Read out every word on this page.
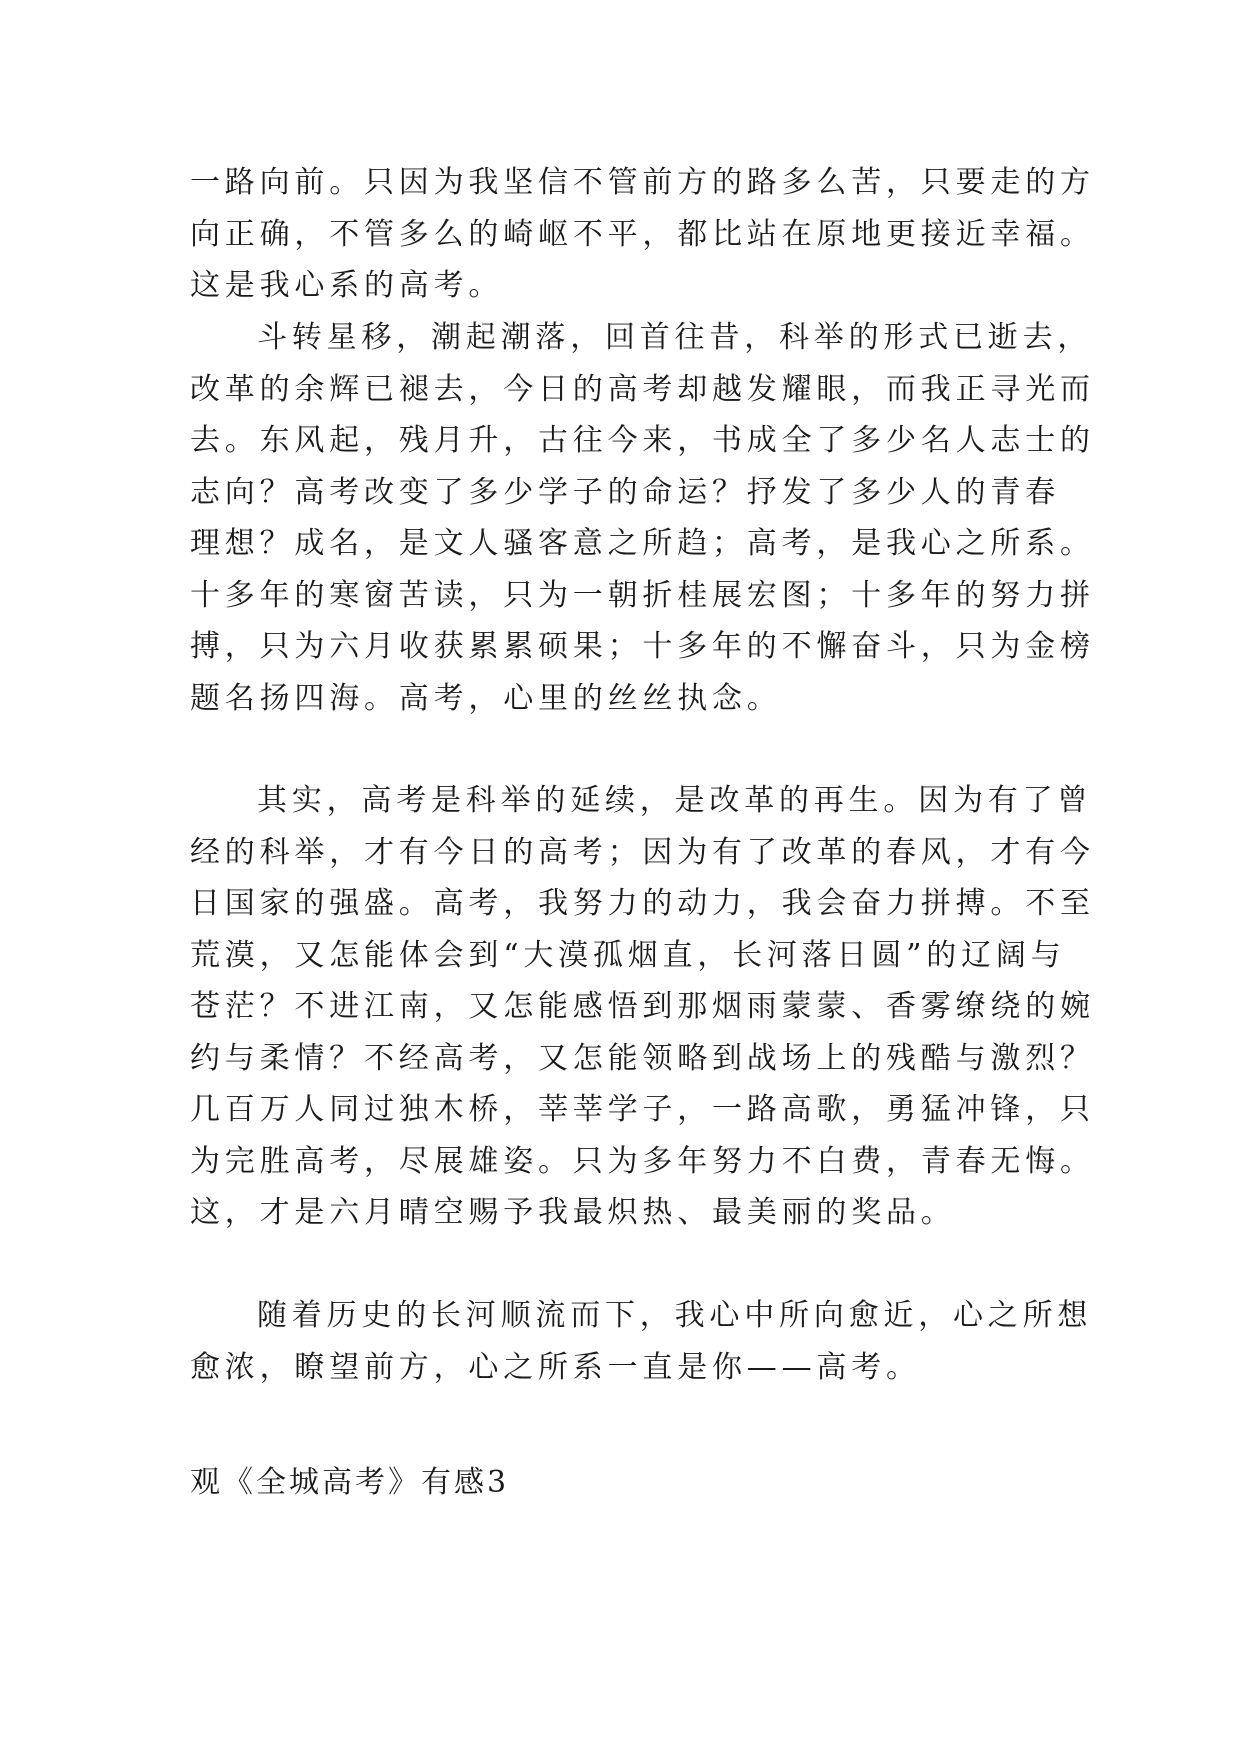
一路向前。只因为我坚信不管前方的路多么苦，只要走的方
向正确，不管多么的崎岖不平，都比站在原地更接近幸福。
这是我心系的高考。
斗转星移，潮起潮落，回首往昔，科举的形式已逝去，
改革的余辉已褪去，今日的高考却越发耀眼，而我正寻光而
去。东风起，残月升，古往今来，书成全了多少名人志士的
志向？高考改变了多少学子的命运？抒发了多少人的青春
理想？成名，是文人骚客意之所趋；高考，是我心之所系。
十多年的寒窗苦读，只为一朝折桂展宏图；十多年的努力拼
搏，只为六月收获累累硕果；十多年的不懈奋斗，只为金榜
题名扬四海。高考，心里的丝丝执念。
其实，高考是科举的延续，是改革的再生。因为有了曾
经的科举，才有今日的高考；因为有了改革的春风，才有今
日国家的强盛。高考，我努力的动力，我会奋力拼搏。不至
荒漠，又怎能体会到“大漠孤烟直，长河落日圆”的辽阔与
苍茫？不进江南，又怎能感悟到那烟雨蒙蒙、香雾缭绕的婉
约与柔情？不经高考，又怎能领略到战场上的残酷与激烈？
几百万人同过独木桥，莘莘学子，一路高歌，勇猛冲锋，只
为完胜高考，尽展雄姿。只为多年努力不白费，青春无悔。
这，才是六月晴空赐予我最炽热、最美丽的奖品。
随着历史的长河顺流而下，我心中所向愈近，心之所想
愈浓，瞭望前方，心之所系一直是你——高考。
观《全城高考》有感3
